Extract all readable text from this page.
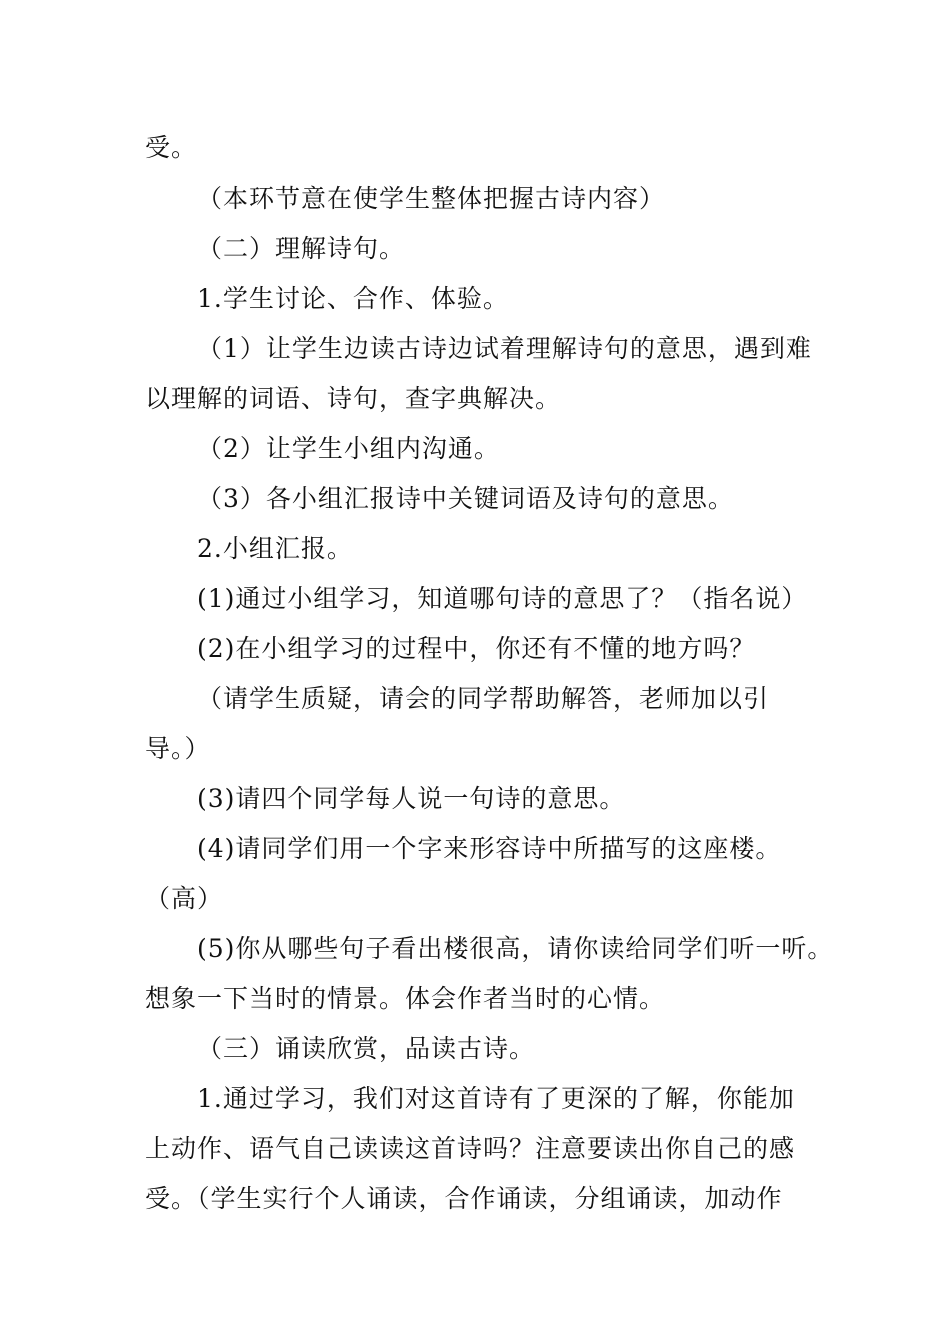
受。
（本环节意在使学生整体把握古诗内容）
（二）理解诗句。
1.学生讨论、合作、体验。
（1）让学生边读古诗边试着理解诗句的意思，遇到难
以理解的词语、诗句，查字典解决。
（2）让学生小组内沟通。
（3）各小组汇报诗中关键词语及诗句的意思。
2.小组汇报。
(1)通过小组学习，知道哪句诗的意思了？（指名说）
(2)在小组学习的过程中，你还有不懂的地方吗？
（请学生质疑，请会的同学帮助解答，老师加以引
导。）
(3)请四个同学每人说一句诗的意思。
(4)请同学们用一个字来形容诗中所描写的这座楼。
（高）
(5)你从哪些句子看出楼很高，请你读给同学们听一听。
想象一下当时的情景。体会作者当时的心情。
（三）诵读欣赏，品读古诗。
1.通过学习，我们对这首诗有了更深的了解，你能加
上动作、语气自己读读这首诗吗？注意要读出你自己的感
受。（学生实行个人诵读，合作诵读，分组诵读，加动作
